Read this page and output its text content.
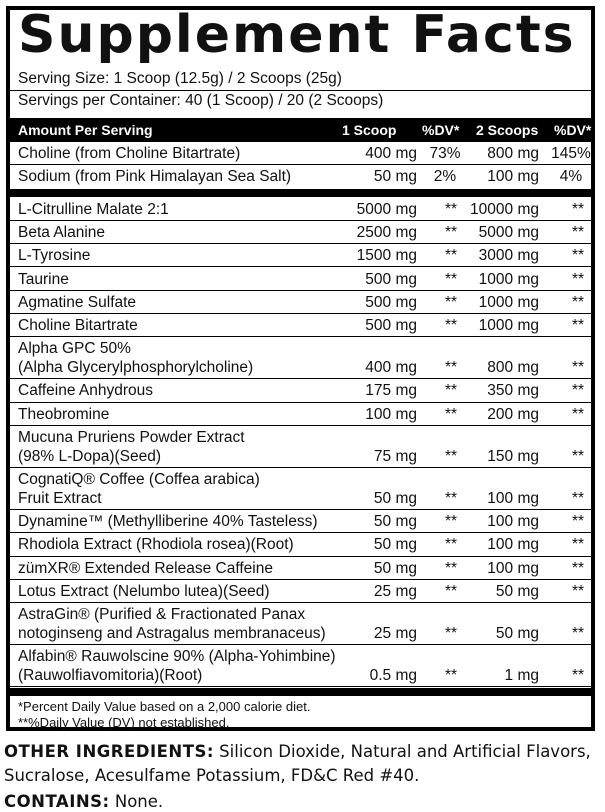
Supplement Facts
Serving Size: 1 Scoop (12.5g) / 2 Scoops (25g)
Servings per Container: 40 (1 Scoop) / 20 (2 Scoops)
Amount Per Serving	1 Scoop %DV* 2 Scoops %DV*
Choline (from Choline Bitartrate)	400 mg 73%	800 mg 145%
Sodium (from Pink Himalayan Sea Salt)	50 mg	2%	100 mg	4%
L-Citrulline Malate 2:1	5000 mg	** 10000 mg	**
Beta Alanine	2500 mg	**	5000 mg	**
L-Tyrosine	1500 mg	**	3000 mg	**
Taurine	500 mg	**	1000 mg	**
Agmatine Sulfate	500 mg	**	1000 mg	**
Choline Bitartrate	500 mg	**	1000 mg	**
Alpha GPC 50%
(Alpha Glycerylphosphorylcholine)	400 mg	**	800 mg	**
Caffeine Anhydrous	175 mg	**	350 mg	**
Theobromine	100 mg	**	200 mg	**
Mucuna Pruriens Powder Extract
(98% L-Dopa)(Seed)	75 mg	**	150 mg	**
CognatiQ® Coffee (Coffea arabica)
Fruit Extract	50 mg	**	100 mg	**
Dynamine™ (Methylliberine 40% Tasteless)	50 mg	**	100 mg	**
Rhodiola Extract (Rhodiola rosea)(Root)	50 mg	**	100 mg	**
zümXR® Extended Release Caffeine	50 mg	**	100 mg	**
Lotus Extract (Nelumbo lutea)(Seed)	25 mg	**	50 mg	**
AstraGin® (Purified & Fractionated Panax
notoginseng and Astragalus membranaceus)	25 mg	**	50 mg	**
Alfabin® Rauwolscine 90% (Alpha-Yohimbine)
(Rauwolfiavomitoria)(Root)	0.5 mg	**	1 mg	**
*Percent Daily Value based on a 2,000 calorie diet.
**%Daily Value (DV) not established.
OTHER INGREDIENTS: Silicon Dioxide, Natural and Artificial Flavors,
Sucralose, Acesulfame Potassium, FD&C Red #40.
CONTAINS: None.
